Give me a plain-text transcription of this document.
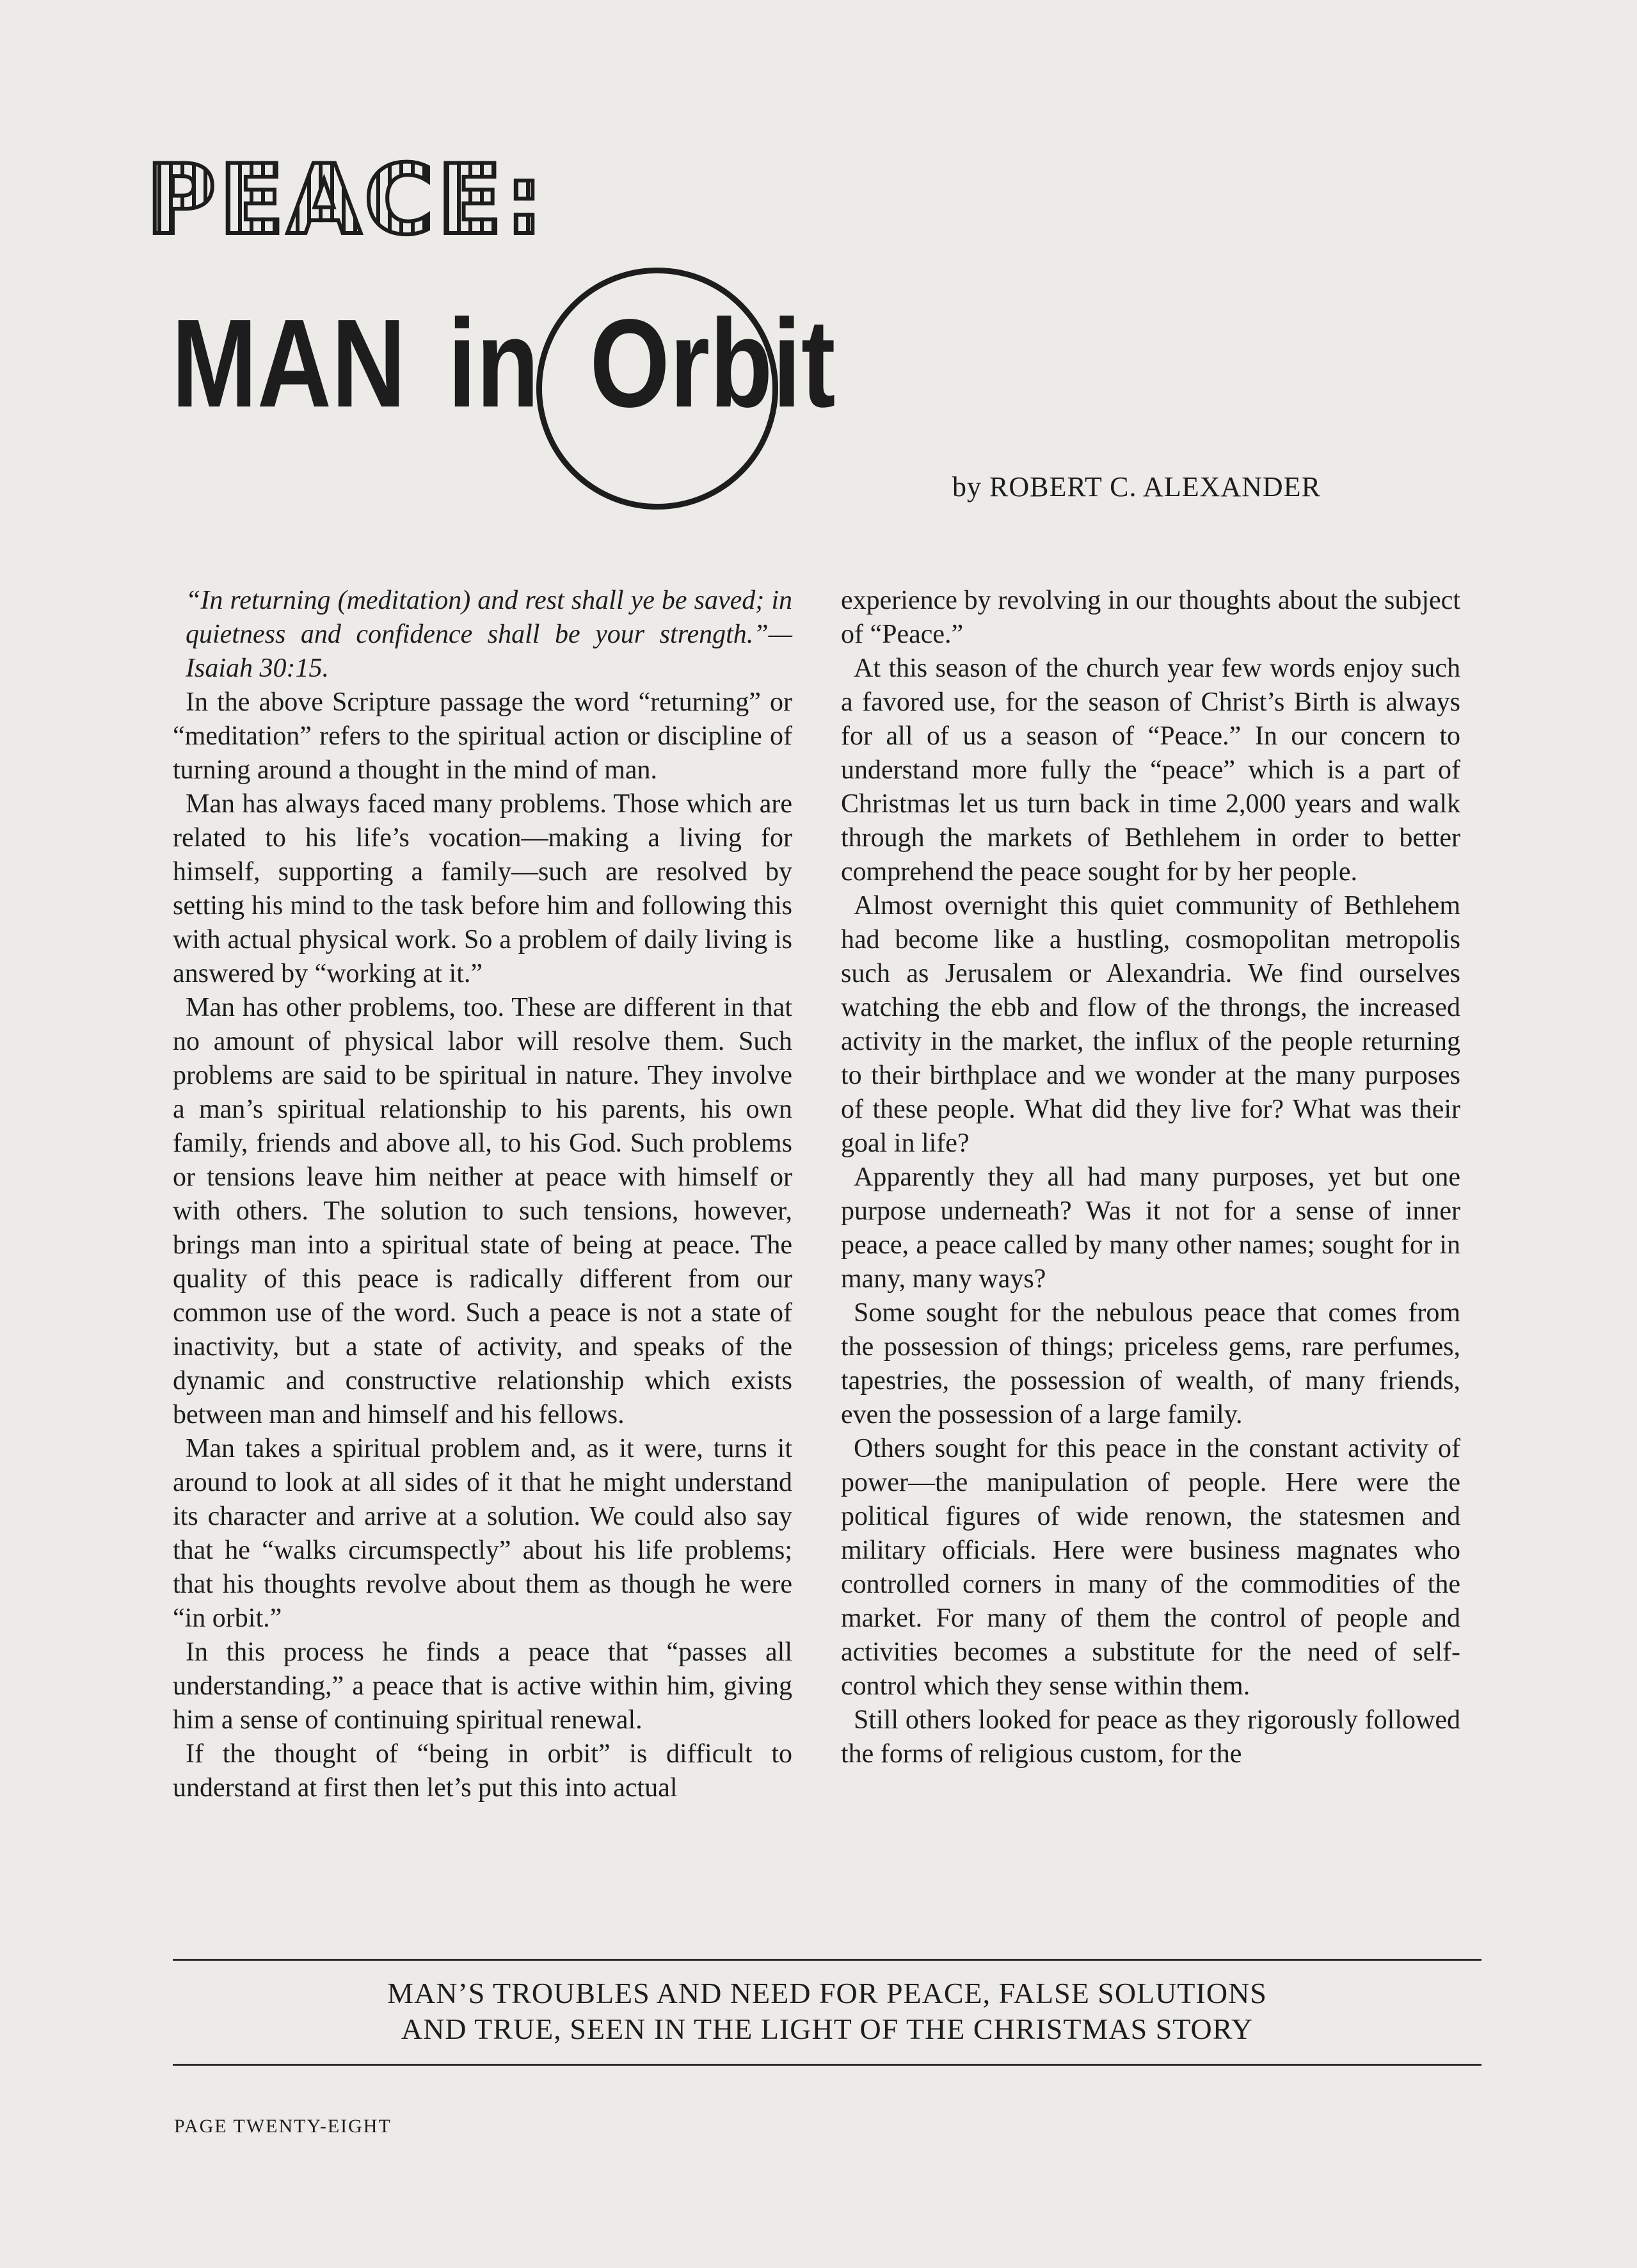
PEACE:
MAN in Orbit
by ROBERT C. ALEXANDER

“In returning (meditation) and rest shall ye be saved; in quietness and confidence shall be your strength.”—Isaiah 30:15.

In the above Scripture passage the word “returning” or “meditation” refers to the spiritual action or discipline of turning around a thought in the mind of man.

Man has always faced many problems. Those which are related to his life’s vocation—making a living for himself, supporting a family—such are resolved by setting his mind to the task before him and following this with actual physical work. So a problem of daily living is answered by “working at it.”

Man has other problems, too. These are different in that no amount of physical labor will resolve them. Such problems are said to be spiritual in nature. They involve a man’s spiritual relationship to his parents, his own family, friends and above all, to his God. Such problems or tensions leave him neither at peace with himself or with others. The solution to such tensions, however, brings man into a spiritual state of being at peace. The quality of this peace is radically different from our common use of the word. Such a peace is not a state of inactivity, but a state of activity, and speaks of the dynamic and constructive relationship which exists between man and himself and his fellows.

Man takes a spiritual problem and, as it were, turns it around to look at all sides of it that he might understand its character and arrive at a solution. We could also say that he “walks circumspectly” about his life problems; that his thoughts revolve about them as though he were “in orbit.”

In this process he finds a peace that “passes all understanding,” a peace that is active within him, giving him a sense of continuing spiritual renewal.

If the thought of “being in orbit” is difficult to understand at first then let’s put this into actual

experience by revolving in our thoughts about the subject of “Peace.”

At this season of the church year few words enjoy such a favored use, for the season of Christ’s Birth is always for all of us a season of “Peace.” In our concern to understand more fully the “peace” which is a part of Christmas let us turn back in time 2,000 years and walk through the markets of Bethlehem in order to better comprehend the peace sought for by her people.

Almost overnight this quiet community of Bethlehem had become like a hustling, cosmopolitan metropolis such as Jerusalem or Alexandria. We find ourselves watching the ebb and flow of the throngs, the increased activity in the market, the influx of the people returning to their birthplace and we wonder at the many purposes of these people. What did they live for? What was their goal in life?

Apparently they all had many purposes, yet but one purpose underneath? Was it not for a sense of inner peace, a peace called by many other names; sought for in many, many ways?

Some sought for the nebulous peace that comes from the possession of things; priceless gems, rare perfumes, tapestries, the possession of wealth, of many friends, even the possession of a large family.

Others sought for this peace in the constant activity of power—the manipulation of people. Here were the political figures of wide renown, the statesmen and military officials. Here were business magnates who controlled corners in many of the commodities of the market. For many of them the control of people and activities becomes a substitute for the need of self-control which they sense within them.

Still others looked for peace as they rigorously followed the forms of religious custom, for the

MAN’S TROUBLES AND NEED FOR PEACE, FALSE SOLUTIONS
AND TRUE, SEEN IN THE LIGHT OF THE CHRISTMAS STORY
PAGE TWENTY-EIGHT
